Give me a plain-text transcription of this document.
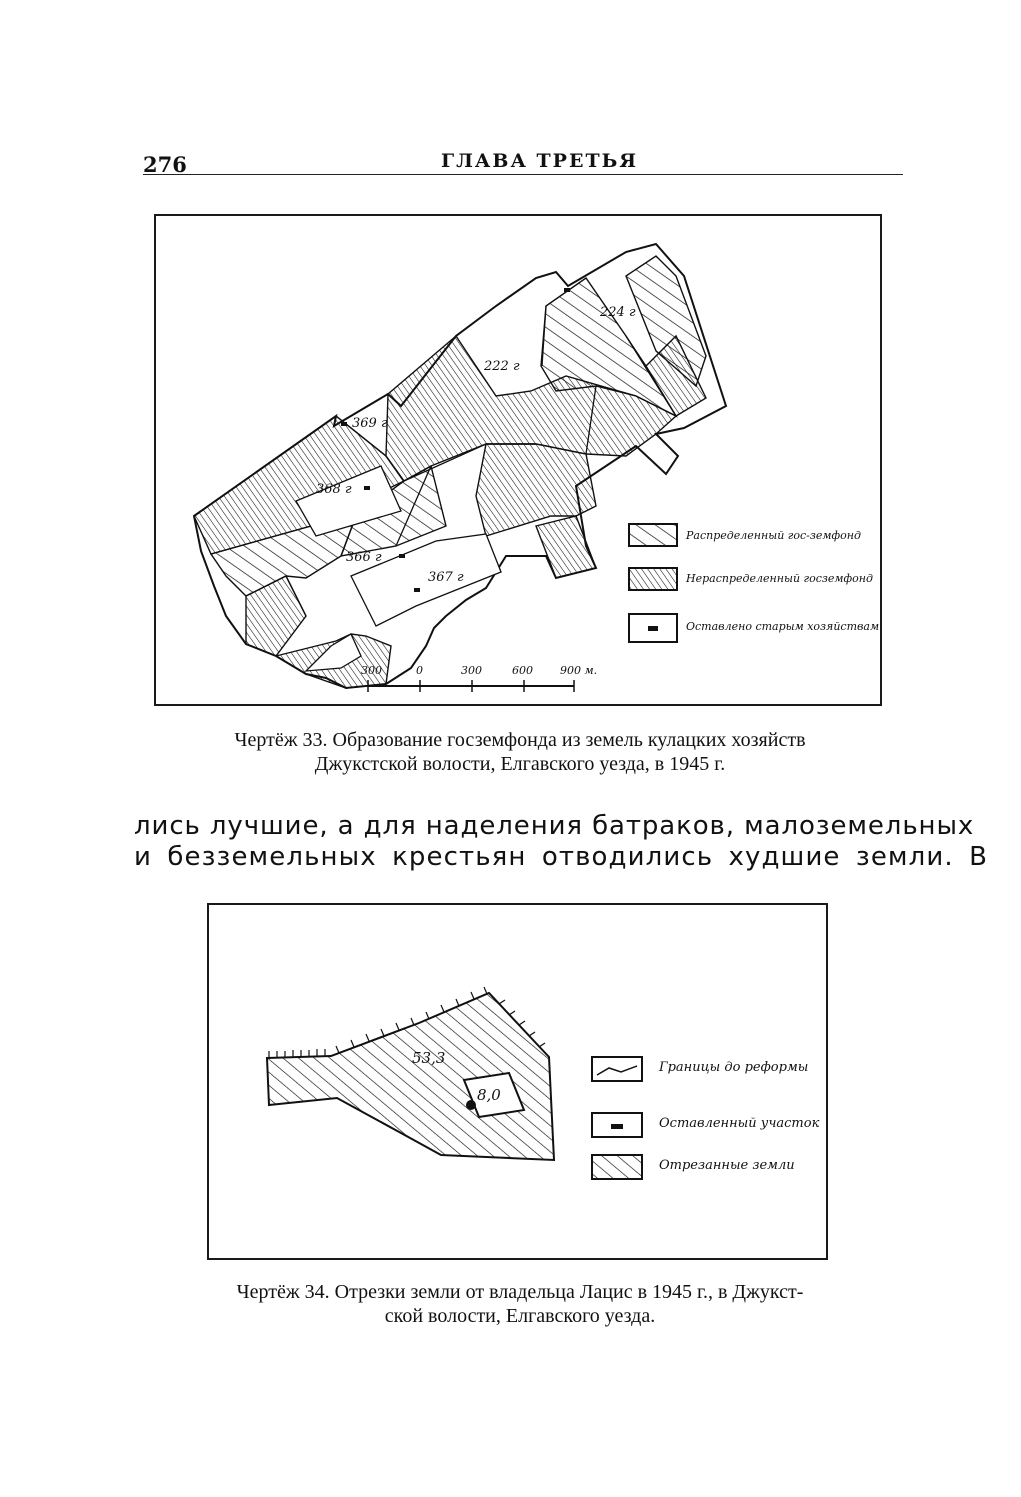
276	ГЛАВА ТРЕТЬЯ
224 г
222 г
369 г
368 г
366 г
367 г
Распределенный гос-земфонд
Нераспределенный госземфонд
Оставлено старым хозяйствам
300	0	300	600 900 м.
Чертёж 33. Образование госземфонда из земель кулацких хозяйств
Джукстской волости, Елгавского уезда, в 1945 г.
лись лучшие, а для наделения батраков, малоземельных
и безземельных крестьян отводились худшие земли. В
53,3
8,0
Границы до реформы
Оставленный участок
Отрезанные земли
Чертёж 34. Отрезки земли от владельца Лацис в 1945 г., в Джукст-
ской волости, Елгавского уезда.
